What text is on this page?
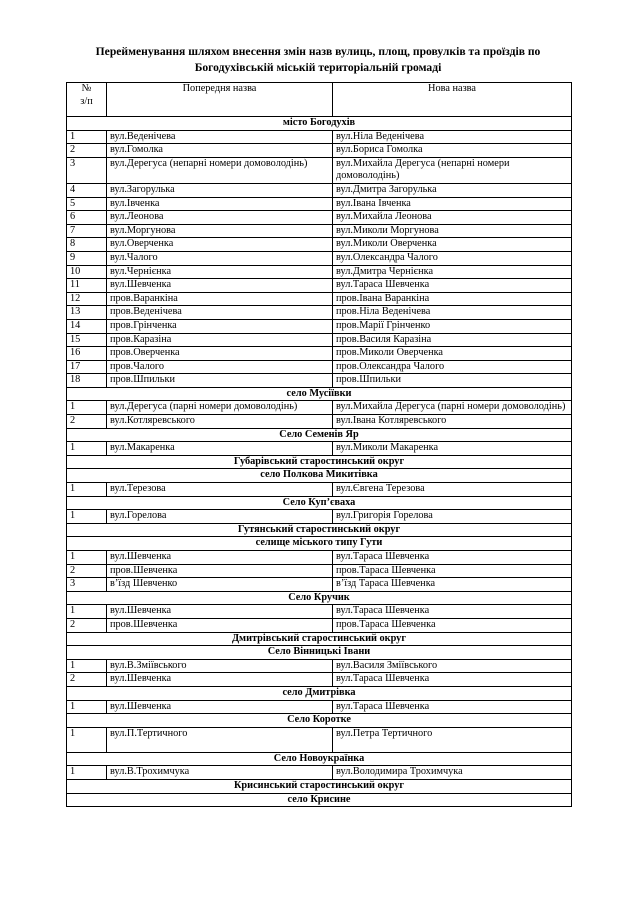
Перейменування шляхом внесення змін назв вулиць, площ, провулків та проїздів по
Богодухівській міській територіальній громаді
№
з/п	Попередня назва	Нова назва
місто Богодухів		
1	вул.Веденічева	вул.Ніла Веденічева
2	вул.Гомолка	вул.Бориса Гомолка
3	вул.Дерегуса (непарні номери домоволодінь)	вул.Михайла Дерегуса (непарні номери домоволодінь)
4	вул.Загорулька	вул.Дмитра Загорулька
5	вул.Івченка	вул.Івана Івченка
6	вул.Леонова	вул.Михайла Леонова
7	вул.Моргунова	вул.Миколи Моргунова
8	вул.Оверченка	вул.Миколи Оверченка
9	вул.Чалого	вул.Олександра Чалого
10	вул.Чернієнка	вул.Дмитра Чернієнка
11	вул.Шевченка	вул.Тараса Шевченка
12	пров.Варанкіна	пров.Івана Варанкіна
13	пров.Веденічева	пров.Ніла Веденічева
14	пров.Грінченка	пров.Марії Грінченко
15	пров.Каразіна	пров.Василя Каразіна
16	пров.Оверченка	пров.Миколи Оверченка
17	пров.Чалого	пров.Олександра Чалого
18	пров.Шпильки	пров.Шпильки
село Мусіївки		
1	вул.Дерегуса (парні номери домоволодінь)	вул.Михайла Дерегуса (парні номери домоволодінь)
2	вул.Котляревського	вул.Івана Котляревського
Село Семенів Яр		
1	вул.Макаренка	вул.Миколи Макаренка
Губарівський старостинський округ		
село Полкова Микитівка		
1	вул.Терезова	вул.Євгена Терезова
Село Куп’єваха		
1	вул.Горелова	вул.Григорія Горелова
Гутянський старостинський округ		
селище міського типу Гути		
1	вул.Шевченка	вул.Тараса Шевченка
2	пров.Шевченка	пров.Тараса Шевченка
3	в’їзд Шевченко	в’їзд Тараса Шевченка
Село Кручик		
1	вул.Шевченка	вул.Тараса Шевченка
2	пров.Шевченка	пров.Тараса Шевченка
Дмитрівський старостинський округ		
Село Вінницькі Івани		
1	вул.В.Зміївського	вул.Василя Зміївського
2	вул.Шевченка	вул.Тараса Шевченка
село Дмитрівка		
1	вул.Шевченка	вул.Тараса Шевченка
Село Коротке		
1	вул.П.Тертичного	вул.Петра Тертичного
Село Новоукраїнка		
1	вул.В.Трохимчука	вул.Володимира Трохимчука
Крисинський старостинський округ		
село Крисине		
